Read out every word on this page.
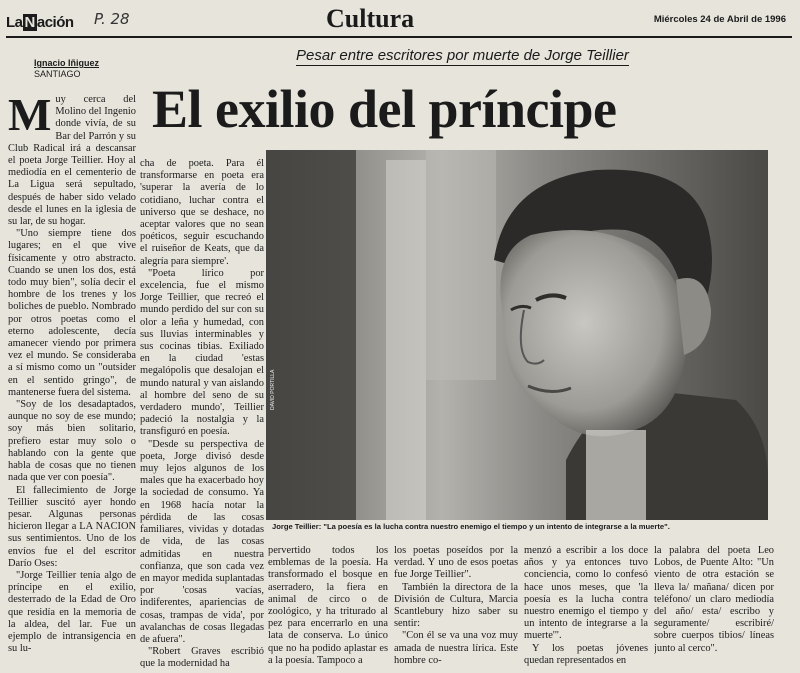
La N ación P. 28	Cultura	Miércoles 24 de Abril de 1996
Pesar entre escritores por muerte de Jorge Teillier
Ignacio Iñiguez
SANTIAGO
El exilio del príncipe
M uy cerca del Molino del Ingenio donde vivía, de su Bar del Parrón y su Club Radical irá a descansar el poeta Jorge Teillier. Hoy al mediodía en el cementerio de La Ligua será sepultado, después de haber sido velado desde el lunes en la iglesia de su lar, de su hogar.

"Uno siempre tiene dos lugares; en el que vive físicamente y otro abstracto. Cuando se unen los dos, está todo muy bien", solía decir el hombre de los trenes y los boliches de pueblo. Nombrado por otros poetas como el eterno adolescente, decía amanecer viendo por primera vez el mundo. Se consideraba a sí mismo como un "outsider en el sentido gringo", de mantenerse fuera del sistema.

"Soy de los desadaptados, aunque no soy de ese mundo; soy más bien solitario, prefiero estar muy solo o hablando con la gente que habla de cosas que no tienen nada que ver con poesía".

El fallecimiento de Jorge Teillier suscitó ayer hondo pesar. Algunas personas hicieron llegar a LA NACION sus sentimientos. Uno de los envíos fue el del escritor Darío Oses:

"Jorge Teillier tenía algo de príncipe en el exilio, desterrado de la Edad de Oro que residía en la memoria de la aldea, del lar. Fue un ejemplo de intransigencia en su lu-

cha de poeta. Para él transformarse en poeta era 'superar la avería de lo cotidiano, luchar contra el universo que se deshace, no aceptar valores que no sean poéticos, seguir escuchando el ruiseñor de Keats, que da alegría para siempre'.

"Poeta lírico por excelencia, fue el mismo Jorge Teillier, que recreó el mundo perdido del sur con su olor a leña y humedad, con sus lluvias interminables y sus cocinas tibias. Exiliado en la ciudad 'estas megalópolis que desalojan el mundo natural y van aislando al hombre del seno de su verdadero mundo', Teillier padeció la nostalgia y la transfiguró en poesía.

"Desde su perspectiva de poeta, Jorge divisó desde muy lejos algunos de los males que ha exacerbado hoy la sociedad de consumo. Ya en 1968 hacía notar la pérdida de las cosas familiares, vividas y dotadas de vida, de las cosas admitidas en nuestra confianza, que son cada vez en mayor medida suplantadas por 'cosas vacías, indiferentes, apariencias de cosas, trampas de vida', por avalanchas de cosas llegadas de afuera".

"Robert Graves escribió que la modernidad ha

DAVID PORTILLA
Jorge Teillier: "La poesía es la lucha contra nuestro enemigo el tiempo y un intento de integrarse a la muerte".

pervertido todos los emblemas de la poesía. Ha transformado el bosque en aserradero, la fiera en animal de circo o de zoológico, y ha triturado al pez para encerrarlo en una lata de conserva. Lo único que no ha podido aplastar es a la poesía. Tampoco a

los poetas poseídos por la verdad. Y uno de esos poetas fue Jorge Teillier".

También la directora de la División de Cultura, Marcia Scantlebury hizo saber su sentir:

"Con él se va una voz muy amada de nuestra lírica. Este hombre co-

menzó a escribir a los doce años y ya entonces tuvo conciencia, como lo confesó hace unos meses, que 'la poesía es la lucha contra nuestro enemigo el tiempo y un intento de integrarse a la muerte'".

Y los poetas jóvenes quedan representados en

la palabra del poeta Leo Lobos, de Puente Alto: "Un viento de otra estación se lleva la/ mañana/ dicen por teléfono/ un claro mediodía del año/ esta/ escribo y seguramente/ escribiré/ sobre cuerpos tibios/ líneas junto al cerco".
